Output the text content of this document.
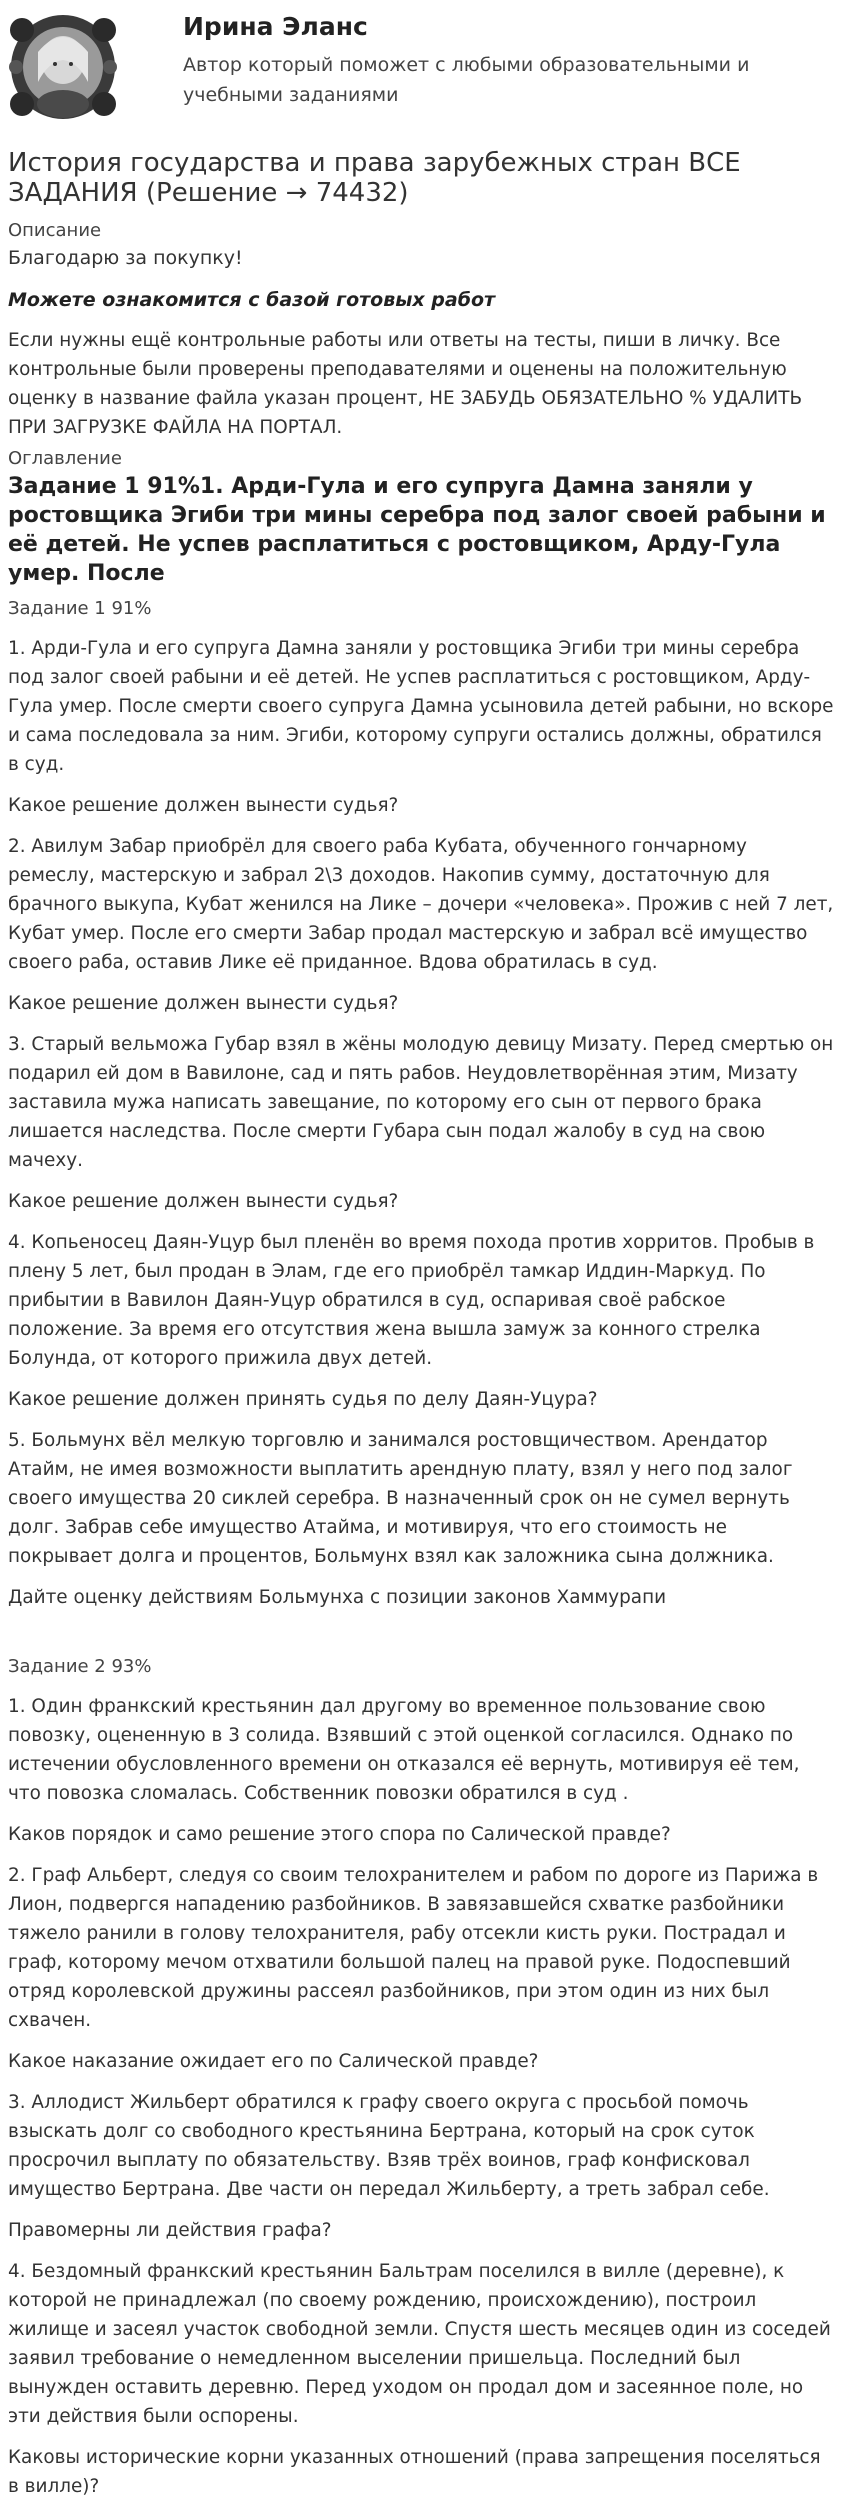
Ирина Эланс
Автор который поможет с любыми образовательными и учебными заданиями
История государства и права зарубежных стран ВСЕ ЗАДАНИЯ (Решение → 74432)
Описание
Благодарю за покупку!
Можете ознакомится с базой готовых работ

Если нужны ещё контрольные работы или ответы на тесты, пиши в личку. Все контрольные были проверены преподавателями и оценены на положительную оценку в название файла указан процент, НЕ ЗАБУДЬ ОБЯЗАТЕЛЬНО % УДАЛИТЬ ПРИ ЗАГРУЗКЕ ФАЙЛА НА ПОРТАЛ.

Оглавление
Задание 1 91%1. Арди-Гула и его супруга Дамна заняли у ростовщика Эгиби три мины серебра под залог своей рабыни и её детей. Не успев расплатиться с ростовщиком, Арду-Гула умер. После
Задание 1 91%

1. Арди-Гула и его супруга Дамна заняли у ростовщика Эгиби три мины серебра под залог своей рабыни и её детей. Не успев расплатиться с ростовщиком, Арду-Гула умер. После смерти своего супруга Дамна усыновила детей рабыни, но вскоре и сама последовала за ним. Эгиби, которому супруги остались должны, обратился в суд.

Какое решение должен вынести судья?

2. Авилум Забар приобрёл для своего раба Кубата, обученного гончарному ремеслу, мастерскую и забрал 2\3 доходов. Накопив сумму, достаточную для брачного выкупа, Кубат женился на Лике – дочери «человека». Прожив с ней 7 лет, Кубат умер. После его смерти Забар продал мастерскую и забрал всё имущество своего раба, оставив Лике её приданное. Вдова обратилась в суд.

Какое решение должен вынести судья?

3. Старый вельможа Губар взял в жёны молодую девицу Мизату. Перед смертью он подарил ей дом в Вавилоне, сад и пять рабов. Неудовлетворённая этим, Мизату заставила мужа написать завещание, по которому его сын от первого брака лишается наследства. После смерти Губара сын подал жалобу в суд на свою мачеху.

Какое решение должен вынести судья?

4. Копьеносец Даян-Уцур был пленён во время похода против хорритов. Пробыв в плену 5 лет, был продан в Элам, где его приобрёл тамкар Иддин-Маркуд. По прибытии в Вавилон Даян-Уцур обратился в суд, оспаривая своё рабское положение. За время его отсутствия жена вышла замуж за конного стрелка Болунда, от которого прижила двух детей.

Какое решение должен принять судья по делу Даян-Уцура?

5. Больмунх вёл мелкую торговлю и занимался ростовщичеством. Арендатор Атайм, не имея возможности выплатить арендную плату, взял у него под залог своего имущества 20 сиклей серебра. В назначенный срок он не сумел вернуть долг. Забрав себе имущество Атайма, и мотивируя, что его стоимость не покрывает долга и процентов, Больмунх взял как заложника сына должника.

Дайте оценку действиям Больмунха с позиции законов Хаммурапи

Задание 2 93%

1. Один франкский крестьянин дал другому во временное пользование свою повозку, оцененную в 3 солида. Взявший с этой оценкой согласился. Однако по истечении обусловленного времени он отказался её вернуть, мотивируя её тем, что повозка сломалась. Собственник повозки обратился в суд .

Каков порядок и само решение этого спора по Салической правде?

2. Граф Альберт, следуя со своим телохранителем и рабом по дороге из Парижа в Лион, подвергся нападению разбойников. В завязавшейся схватке разбойники тяжело ранили в голову телохранителя, рабу отсекли кисть руки. Пострадал и граф, которому мечом отхватили большой палец на правой руке. Подоспевший отряд королевской дружины рассеял разбойников, при этом один из них был схвачен.

Какое наказание ожидает его по Салической правде?

3. Аллодист Жильберт обратился к графу своего округа с просьбой помочь взыскать долг со свободного крестьянина Бертрана, который на срок суток просрочил выплату по обязательству. Взяв трёх воинов, граф конфисковал имущество Бертрана. Две части он передал Жильберту, а треть забрал себе.

Правомерны ли действия графа?

4. Бездомный франкский крестьянин Бальтрам поселился в вилле (деревне), к которой не принадлежал (по своему рождению, происхождению), построил жилище и засеял участок свободной земли. Спустя шесть месяцев один из соседей заявил требование о немедленном выселении пришельца. Последний был вынужден оставить деревню. Перед уходом он продал дом и засеянное поле, но эти действия были оспорены.

Каковы исторические корни указанных отношений (права запрещения поселяться в вилле)?
